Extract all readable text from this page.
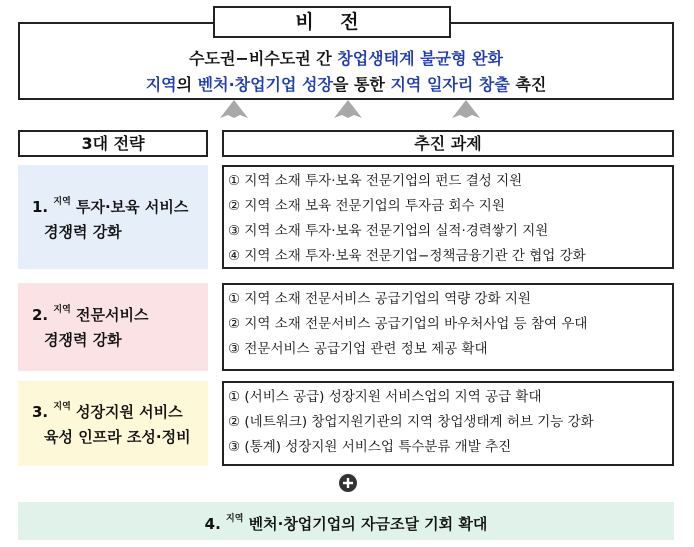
수도권−비수도권 간 창업생태계 불균형 완화
지역의 벤처·창업기업 성장을 통한 지역 일자리 창출 촉진
비 전
3대 전략	추진 과제
1. $^{지역}$ 투자·보육 서비스
경쟁력 강화
① 지역 소재 투자·보육 전문기업의 펀드 결성 지원
② 지역 소재 보육 전문기업의 투자금 회수 지원
③ 지역 소재 투자·보육 전문기업의 실적·경력쌓기 지원
④ 지역 소재 투자·보육 전문기업−정책금융기관 간 협업 강화
2. $^{지역}$ 전문서비스
경쟁력 강화
① 지역 소재 전문서비스 공급기업의 역량 강화 지원
② 지역 소재 전문서비스 공급기업의 바우처사업 등 참여 우대
③ 전문서비스 공급기업 관련 정보 제공 확대
3. $^{지역}$ 성장지원 서비스
육성 인프라 조성·정비
① (서비스 공급) 성장지원 서비스업의 지역 공급 확대
② (네트워크) 창업지원기관의 지역 창업생태계 허브 기능 강화
③ (통계) 성장지원 서비스업 특수분류 개발 추진
4. $^{지역}$ 벤처·창업기업의 자금조달 기회 확대
